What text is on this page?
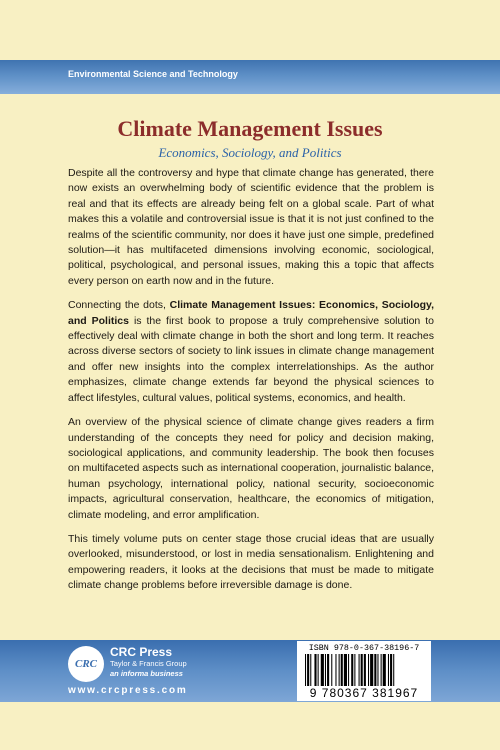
Environmental Science and Technology
Climate Management Issues
Economics, Sociology, and Politics

Despite all the controversy and hype that climate change has generated, there now exists an overwhelming body of scientific evidence that the problem is real and that its effects are already being felt on a global scale. Part of what makes this a volatile and controversial issue is that it is not just confined to the realms of the scientific community, nor does it have just one simple, predefined solution—it has multifaceted dimensions involving economic, sociological, political, psychological, and personal issues, making this a topic that affects every person on earth now and in the future.

Connecting the dots, Climate Management Issues: Economics, Sociology, and Politics is the first book to propose a truly comprehensive solution to effectively deal with climate change in both the short and long term. It reaches across diverse sectors of society to link issues in climate change management and offer new insights into the complex interrelationships. As the author emphasizes, climate change extends far beyond the physical sciences to affect lifestyles, cultural values, political systems, economics, and health.

An overview of the physical science of climate change gives readers a firm understanding of the concepts they need for policy and decision making, sociological applications, and community leadership. The book then focuses on multifaceted aspects such as international cooperation, journalistic balance, human psychology, international policy, national security, socioeconomic impacts, agricultural conservation, healthcare, the economics of mitigation, climate modeling, and error amplification.

This timely volume puts on center stage those crucial ideas that are usually overlooked, misunderstood, or lost in media sensationalism. Enlightening and empowering readers, it looks at the decisions that must be made to mitigate climate change problems before irreversible damage is done.

CRC
CRC Press
Taylor & Francis Group
an informa business
www.crcpress.com
ISBN 978-0-367-38196-7
9 780367 381967
